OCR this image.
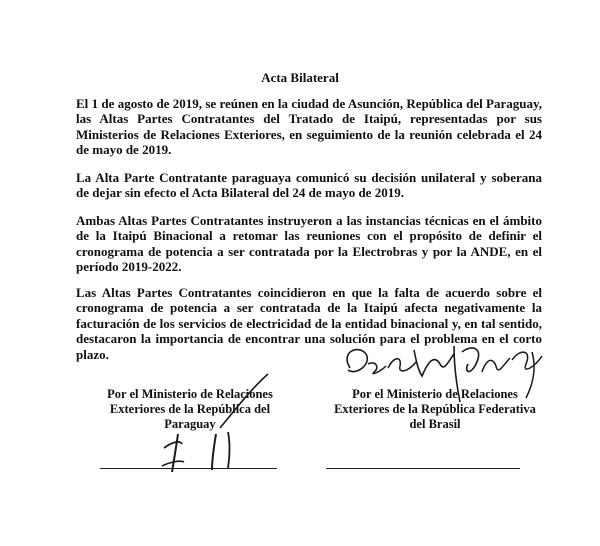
Acta Bilateral

El 1 de agosto de 2019, se reúnen en la ciudad de Asunción, República del Paraguay, las Altas Partes Contratantes del Tratado de Itaipú, representadas por sus Ministerios de Relaciones Exteriores, en seguimiento de la reunión celebrada el 24 de mayo de 2019.

La Alta Parte Contratante paraguaya comunicó su decisión unilateral y soberana de dejar sin efecto el Acta Bilateral del 24 de mayo de 2019.

Ambas Altas Partes Contratantes instruyeron a las instancias técnicas en el ámbito de la Itaipú Binacional a retomar las reuniones con el propósito de definir el cronograma de potencia a ser contratada por la Electrobras y por la ANDE, en el período 2019-2022.

Las Altas Partes Contratantes coincidieron en que la falta de acuerdo sobre el cronograma de potencia a ser contratada de la Itaipú afecta negativamente la facturación de los servicios de electricidad de la entidad binacional y, en tal sentido, destacaron la importancia de encontrar una solución para el problema en el corto plazo.

Por el Ministerio de Relaciones
Exteriores de la República del
Paraguay
Por el Ministerio de Relaciones
Exteriores de la República Federativa
del Brasil
